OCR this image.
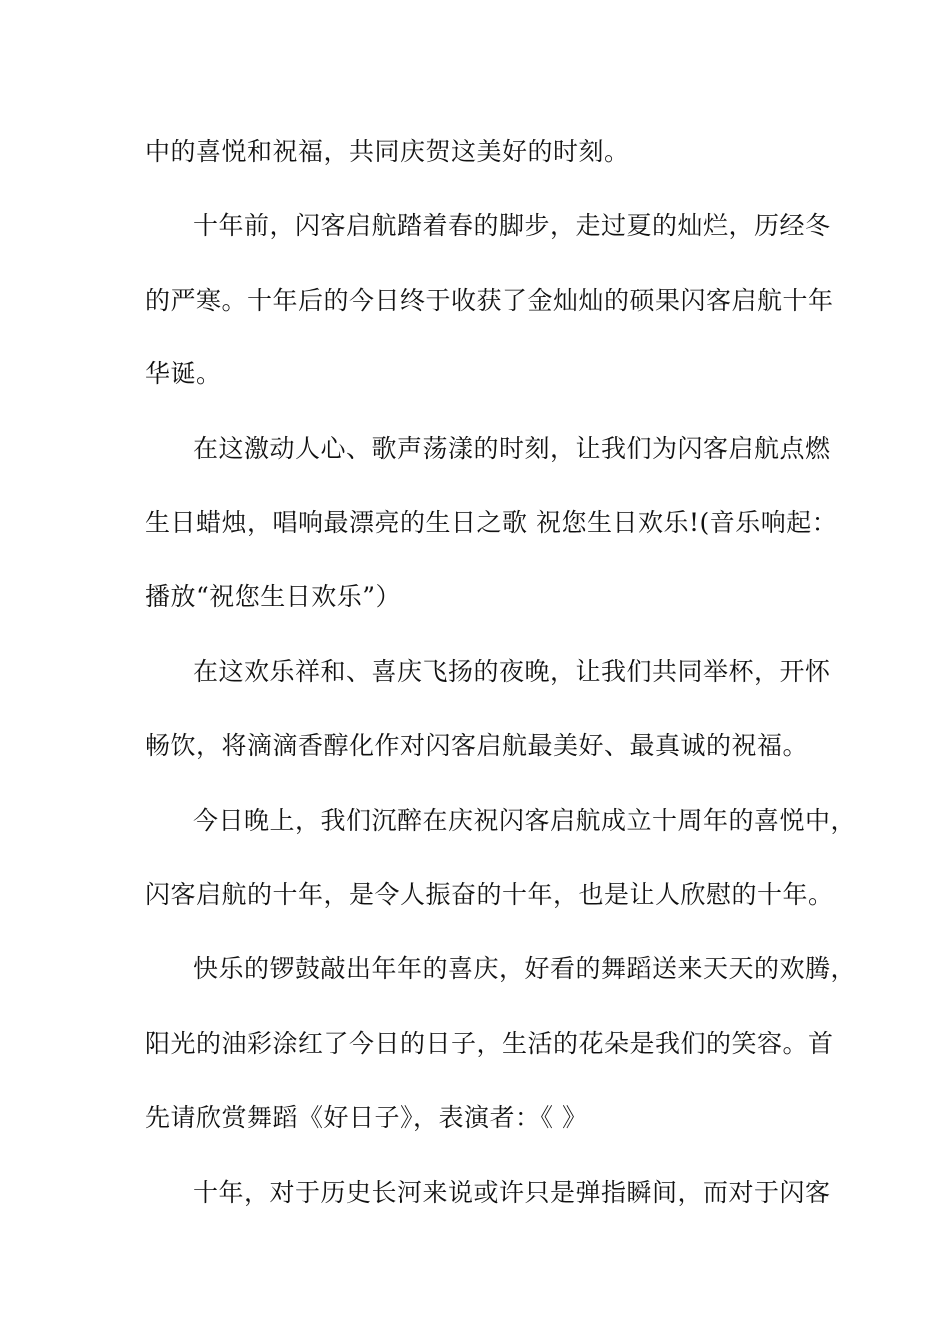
中的喜悦和祝福，共同庆贺这美好的时刻。
十年前，闪客启航踏着春的脚步，走过夏的灿烂，历经冬
的严寒。十年后的今日终于收获了金灿灿的硕果闪客启航十年
华诞。
在这激动人心、歌声荡漾的时刻，让我们为闪客启航点燃
生日蜡烛，唱响最漂亮的生日之歌 祝您生日欢乐!(音乐响起：
播放“祝您生日欢乐”）
在这欢乐祥和、喜庆飞扬的夜晚，让我们共同举杯，开怀
畅饮，将滴滴香醇化作对闪客启航最美好、最真诚的祝福。
今日晚上，我们沉醉在庆祝闪客启航成立十周年的喜悦中，
闪客启航的十年，是令人振奋的十年，也是让人欣慰的十年。
快乐的锣鼓敲出年年的喜庆，好看的舞蹈送来天天的欢腾，
阳光的油彩涂红了今日的日子，生活的花朵是我们的笑容。首
先请欣赏舞蹈《好日子》，表演者：《 》
十年，对于历史长河来说或许只是弹指瞬间，而对于闪客
